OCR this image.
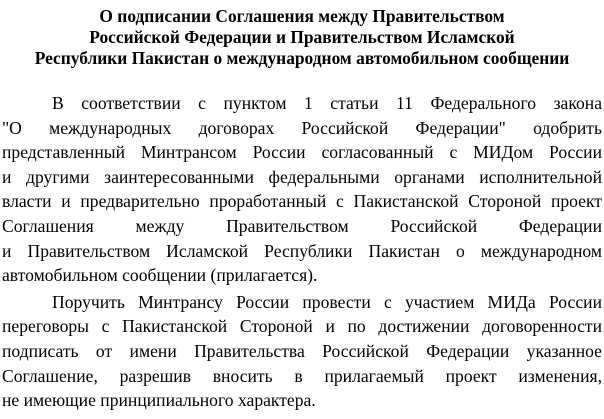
О подписании Соглашения между Правительством
Российской Федерации и Правительством Исламской
Республики Пакистан о международном автомобильном сообщении
В соответствии с пунктом 1 статьи 11 Федерального закона
"О международных договорах Российской Федерации" одобрить
представленный Минтрансом России согласованный с МИДом России
и другими заинтересованными федеральными органами исполнительной
власти и предварительно проработанный с Пакистанской Стороной проект
Соглашения между Правительством Российской Федерации
и Правительством Исламской Республики Пакистан о международном
автомобильном сообщении (прилагается).
Поручить Минтрансу России провести с участием МИДа России
переговоры с Пакистанской Стороной и по достижении договоренности
подписать от имени Правительства Российской Федерации указанное
Соглашение, разрешив вносить в прилагаемый проект изменения,
не имеющие принципиального характера.
